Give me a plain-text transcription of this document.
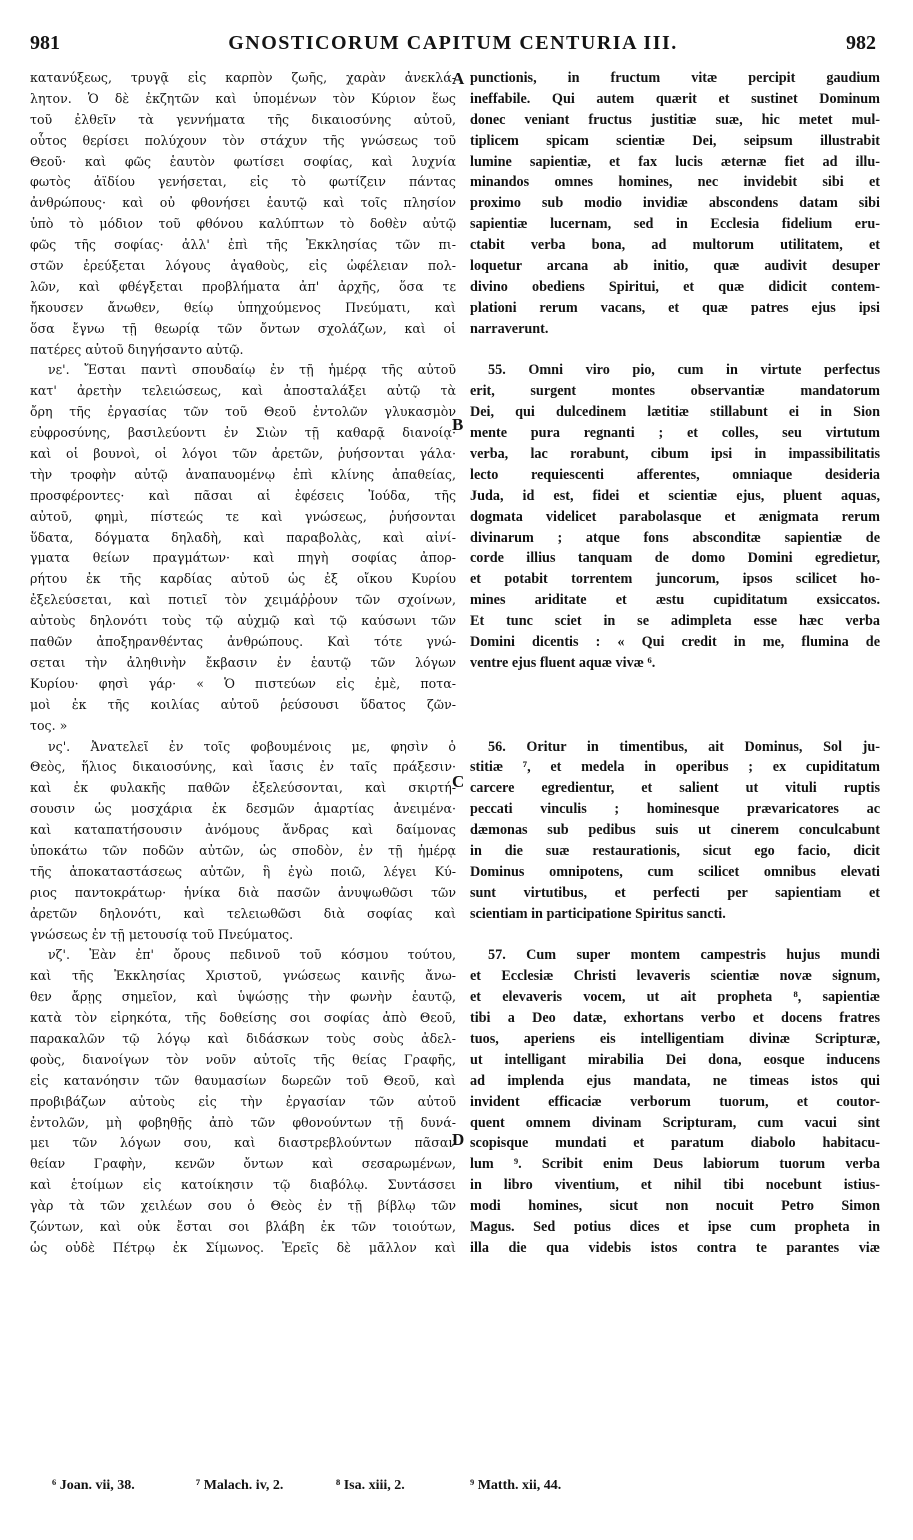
981	GNOSTICORUM CAPITUM CENTURIA III.	982
κατανύξεως, τρυγᾷ εἰς καρπὸν ζωῆς, χαρὰν ἀνεκλά-
λητον. Ὁ δὲ ἐκζητῶν καὶ ὑπομένων τὸν Κύριον ἕως
τοῦ ἐλθεῖν τὰ γεννήματα τῆς δικαιοσύνης αὐτοῦ,
οὗτος θερίσει πολύχουν τὸν στάχυν τῆς γνώσεως τοῦ
Θεοῦ· καὶ φῶς ἑαυτὸν φωτίσει σοφίας, καὶ λυχνία
φωτὸς ἀϊδίου γενήσεται, εἰς τὸ φωτίζειν πάντας
ἀνθρώπους· καὶ οὐ φθονήσει ἑαυτῷ καὶ τοῖς πλησίον
ὑπὸ τὸ μόδιον τοῦ φθόνου καλύπτων τὸ δοθὲν αὐτῷ
φῶς τῆς σοφίας· ἀλλ' ἐπὶ τῆς Ἐκκλησίας τῶν πι-
στῶν ἐρεύξεται λόγους ἀγαθοὺς, εἰς ὠφέλειαν πολ-
λῶν, καὶ φθέγξεται προβλήματα ἀπ' ἀρχῆς, ὅσα τε
ἤκουσεν ἄνωθεν, θείῳ ὑπηχούμενος Πνεύματι, καὶ
ὅσα ἔγνω τῇ θεωρίᾳ τῶν ὄντων σχολάζων, καὶ οἱ
πατέρες αὐτοῦ διηγήσαντο αὐτῷ.
νε'. Ἔσται παντὶ σπουδαίῳ ἐν τῇ ἡμέρᾳ τῆς αὐτοῦ
κατ' ἀρετὴν τελειώσεως, καὶ ἀποσταλάξει αὐτῷ τὰ
ὄρη τῆς ἐργασίας τῶν τοῦ Θεοῦ ἐντολῶν γλυκασμὸν
εὐφροσύνης, βασιλεύοντι ἐν Σιὼν τῇ καθαρᾷ διανοίᾳ·
καὶ οἱ βουνοὶ, οἱ λόγοι τῶν ἀρετῶν, ῥυήσονται γάλα·
τὴν τροφὴν αὐτῷ ἀναπαυομένῳ ἐπὶ κλίνης ἀπαθείας,
προσφέροντες· καὶ πᾶσαι αἱ ἐφέσεις Ἰούδα, τῆς
αὐτοῦ, φημὶ, πίστεώς τε καὶ γνώσεως, ῥυήσονται
ὕδατα, δόγματα δηλαδὴ, καὶ παραβολὰς, καὶ αἰνί-
γματα θείων πραγμάτων· καὶ πηγὴ σοφίας ἀπορ-
ρήτου ἐκ τῆς καρδίας αὐτοῦ ὡς ἐξ οἴκου Κυρίου
ἐξελεύσεται, καὶ ποτιεῖ τὸν χειμάῤῥουν τῶν σχοίνων,
αὐτοὺς δηλονότι τοὺς τῷ αὐχμῷ καὶ τῷ καύσωνι τῶν
παθῶν ἀποξηρανθέντας ἀνθρώπους. Καὶ τότε γνώ-
σεται τὴν ἀληθινὴν ἔκβασιν ἐν ἑαυτῷ τῶν λόγων
Κυρίου· φησὶ γάρ· « Ὁ πιστεύων εἰς ἐμὲ, ποτα-
μοὶ ἐκ τῆς κοιλίας αὐτοῦ ῥεύσουσι ὕδατος ζῶν-
τος. »
νς'. Ἀνατελεῖ ἐν τοῖς φοβουμένοις με, φησὶν ὁ
Θεὸς, ἥλιος δικαιοσύνης, καὶ ἴασις ἐν ταῖς πράξεσιν·
καὶ ἐκ φυλακῆς παθῶν ἐξελεύσονται, καὶ σκιρτή-
σουσιν ὡς μοσχάρια ἐκ δεσμῶν ἁμαρτίας ἀνειμένα·
καὶ καταπατήσουσιν ἀνόμους ἄνδρας καὶ δαίμονας
ὑποκάτω τῶν ποδῶν αὐτῶν, ὡς σποδὸν, ἐν τῇ ἡμέρᾳ
τῆς ἀποκαταστάσεως αὐτῶν, ἣ ἐγὼ ποιῶ, λέγει Κύ-
ριος παντοκράτωρ· ἡνίκα διὰ πασῶν ἀνυψωθῶσι τῶν
ἀρετῶν δηλονότι, καὶ τελειωθῶσι διὰ σοφίας καὶ
γνώσεως ἐν τῇ μετουσίᾳ τοῦ Πνεύματος.
νζ'. Ἐὰν ἐπ' ὄρους πεδινοῦ τοῦ κόσμου τούτου,
καὶ τῆς Ἐκκλησίας Χριστοῦ, γνώσεως καινῆς ἄνω-
θεν ἄρῃς σημεῖον, καὶ ὑψώσῃς τὴν φωνὴν ἑαυτῷ,
κατὰ τὸν εἰρηκότα, τῆς δοθείσης σοι σοφίας ἀπὸ Θεοῦ,
παρακαλῶν τῷ λόγῳ καὶ διδάσκων τοὺς σοὺς ἀδελ-
φοὺς, διανοίγων τὸν νοῦν αὐτοῖς τῆς θείας Γραφῆς,
εἰς κατανόησιν τῶν θαυμασίων δωρεῶν τοῦ Θεοῦ, καὶ
προβιβάζων αὐτοὺς εἰς τὴν ἐργασίαν τῶν αὐτοῦ
ἐντολῶν, μὴ φοβηθῇς ἀπὸ τῶν φθονούντων τῇ δυνά-
μει τῶν λόγων σου, καὶ διαστρεβλούντων πᾶσαν
θείαν Γραφὴν, κενῶν ὄντων καὶ σεσαρωμένων,
καὶ ἑτοίμων εἰς κατοίκησιν τῷ διαβόλῳ. Συντάσσει
γὰρ τὰ τῶν χειλέων σου ὁ Θεὸς ἐν τῇ βίβλῳ τῶν
ζώντων, καὶ οὐκ ἔσται σοι βλάβη ἐκ τῶν τοιούτων,
ὡς οὐδὲ Πέτρῳ ἐκ Σίμωνος. Ἐρεῖς δὲ μᾶλλον καὶ
punctionis, in fructum vitæ percipit gaudium
ineffabile. Qui autem quærit et sustinet Dominum
donec veniant fructus justitiæ suæ, hic metet mul-
tiplicem spicam scientiæ Dei, seipsum illustrabit
lumine sapientiæ, et fax lucis æternæ fiet ad illu-
minandos omnes homines, nec invidebit sibi et
proximo sub modio invidiæ abscondens datam sibi
sapientiæ lucernam, sed in Ecclesia fidelium eru-
ctabit verba bona, ad multorum utilitatem, et
loquetur arcana ab initio, quæ audivit desuper
divino obediens Spiritui, et quæ didicit contem-
plationi rerum vacans, et quæ patres ejus ipsi
narraverunt.
55. Omni viro pio, cum in virtute perfectus
erit, surgent montes observantiæ mandatorum
Dei, qui dulcedinem lætitiæ stillabunt ei in Sion
mente pura regnanti ; et colles, seu virtutum
verba, lac rorabunt, cibum ipsi in impassibilitatis
lecto requiescenti afferentes, omniaque desideria
Juda, id est, fidei et scientiæ ejus, pluent aquas,
dogmata videlicet parabolasque et ænigmata rerum
divinarum ; atque fons absconditæ sapientiæ de
corde illius tanquam de domo Domini egredietur,
et potabit torrentem juncorum, ipsos scilicet ho-
mines ariditate et æstu cupiditatum exsiccatos.
Et tunc sciet in se adimpleta esse hæc verba
Domini dicentis : « Qui credit in me, flumina de
ventre ejus fluent aquæ vivæ ⁶.
56. Oritur in timentibus, ait Dominus, Sol ju-
stitiæ ⁷, et medela in operibus ; ex cupiditatum
carcere egredientur, et salient ut vituli ruptis
peccati vinculis ; hominesque prævaricatores ac
dæmonas sub pedibus suis ut cinerem conculcabunt
in die suæ restaurationis, sicut ego facio, dicit
Dominus omnipotens, cum scilicet omnibus elevati
sunt virtutibus, et perfecti per sapientiam et
scientiam in participatione Spiritus sancti.
57. Cum super montem campestris hujus mundi
et Ecclesiæ Christi levaveris scientiæ novæ signum,
et elevaveris vocem, ut ait propheta ⁸, sapientiæ
tibi a Deo datæ, exhortans verbo et docens fratres
tuos, aperiens eis intelligentiam divinæ Scripturæ,
ut intelligant mirabilia Dei dona, eosque inducens
ad implenda ejus mandata, ne timeas istos qui
invident efficaciæ verborum tuorum, et coutor-
quent omnem divinam Scripturam, cum vacui sint
scopisque mundati et paratum diabolo habitacu-
lum ⁹. Scribit enim Deus labiorum tuorum verba
in libro viventium, et nihil tibi nocebunt istius-
modi homines, sicut non nocuit Petro Simon
Magus. Sed potius dices et ipse cum propheta in
illa die qua videbis istos contra te parantes viæ
A
B
C
D
⁶ Joan. vii, 38.	⁷ Malach. iv, 2.	⁸ Isa. xiii, 2.	⁹ Matth. xii, 44.
